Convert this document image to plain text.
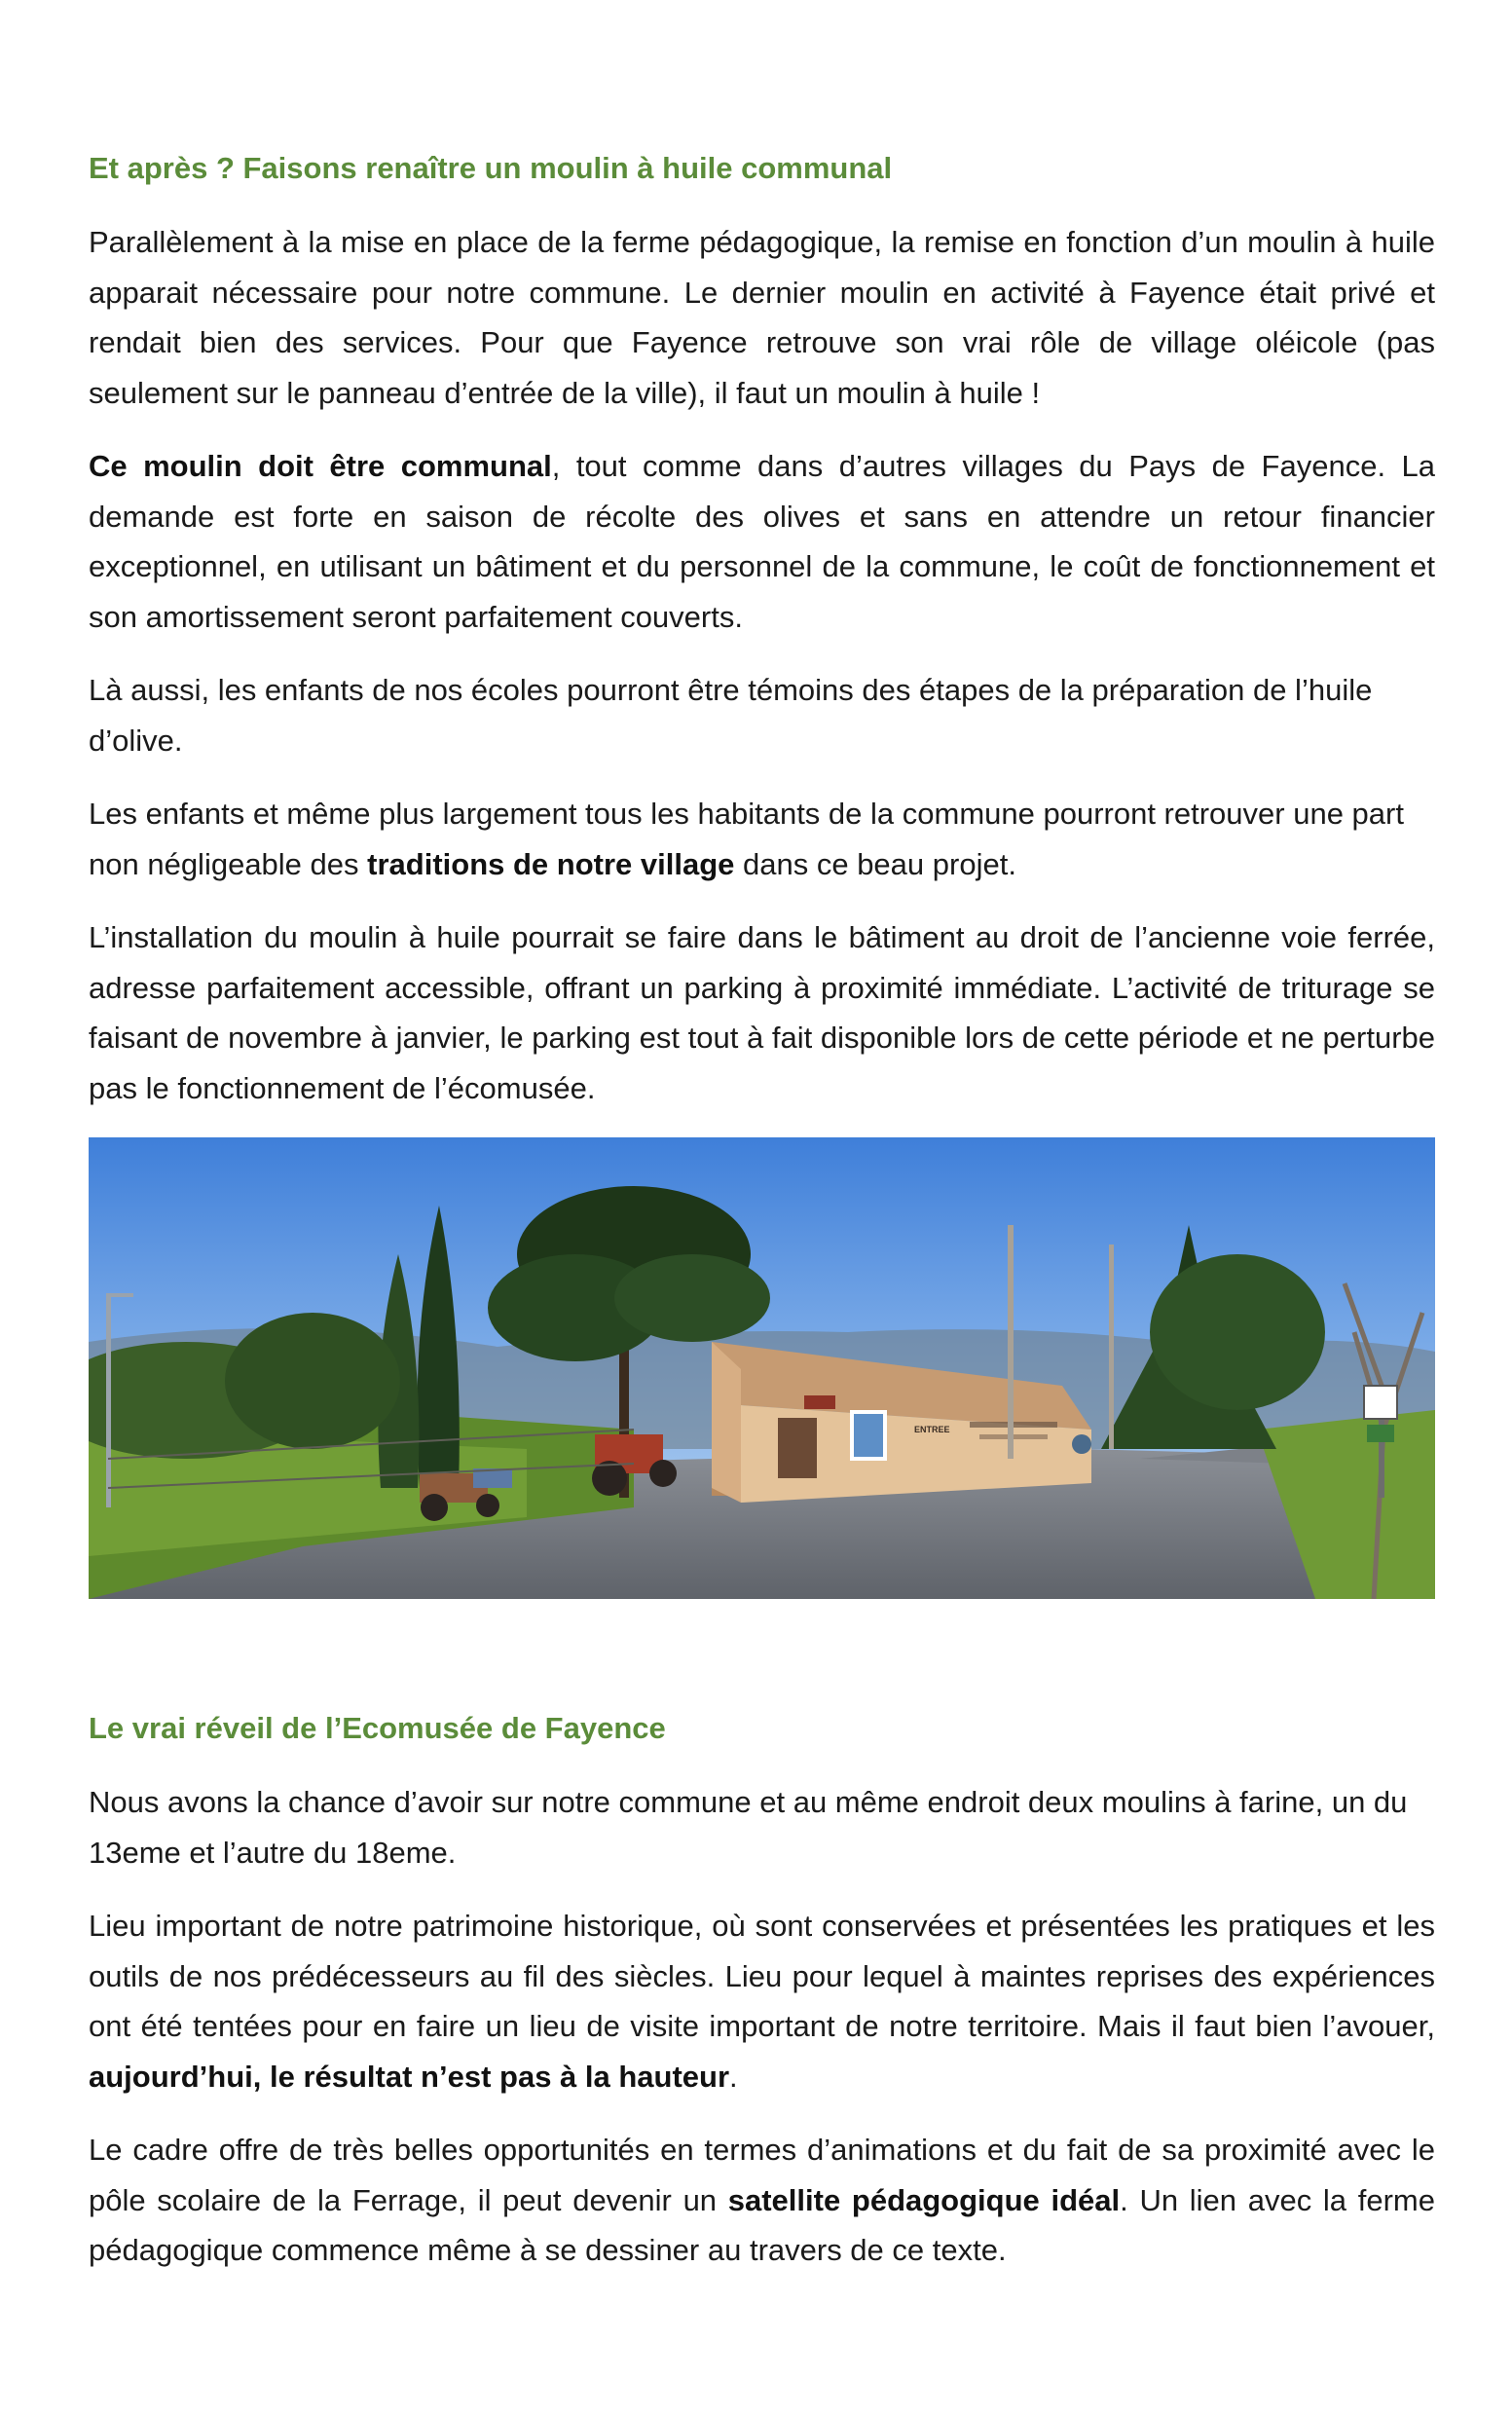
Et après ? Faisons renaître un moulin à huile communal

Parallèlement à la mise en place de la ferme pédagogique, la remise en fonction d’un moulin à huile apparait nécessaire pour notre commune. Le dernier moulin en activité à Fayence était privé et rendait bien des services. Pour que Fayence retrouve son vrai rôle de village oléicole (pas seulement sur le panneau d’entrée de la ville), il faut un moulin à huile !

Ce moulin doit être communal, tout comme dans d’autres villages du Pays de Fayence. La demande est forte en saison de récolte des olives et sans en attendre un retour financier exceptionnel, en utilisant un bâtiment et du personnel de la commune, le coût de fonctionnement et son amortissement seront parfaitement couverts.

Là aussi, les enfants de nos écoles pourront être témoins des étapes de la préparation de l’huile d’olive.

Les enfants et même plus largement tous les habitants de la commune pourront retrouver une part non négligeable des traditions de notre village dans ce beau projet.

L’installation du moulin à huile pourrait se faire dans le bâtiment au droit de l’ancienne voie ferrée, adresse parfaitement accessible, offrant un parking à proximité immédiate. L’activité de triturage se faisant de novembre à janvier, le parking est tout à fait disponible lors de cette période et ne perturbe pas le fonctionnement de l’écomusée.

ENTREE
Le vrai réveil de l’Ecomusée de Fayence

Nous avons la chance d’avoir sur notre commune et au même endroit deux moulins à farine, un du 13eme et l’autre du 18eme.

Lieu important de notre patrimoine historique, où sont conservées et présentées les pratiques et les outils de nos prédécesseurs au fil des siècles. Lieu pour lequel à maintes reprises des expériences ont été tentées pour en faire un lieu de visite important de notre territoire. Mais il faut bien l’avouer, aujourd’hui, le résultat n’est pas à la hauteur.

Le cadre offre de très belles opportunités en termes d’animations et du fait de sa proximité avec le pôle scolaire de la Ferrage, il peut devenir un satellite pédagogique idéal. Un lien avec la ferme pédagogique commence même à se dessiner au travers de ce texte.
